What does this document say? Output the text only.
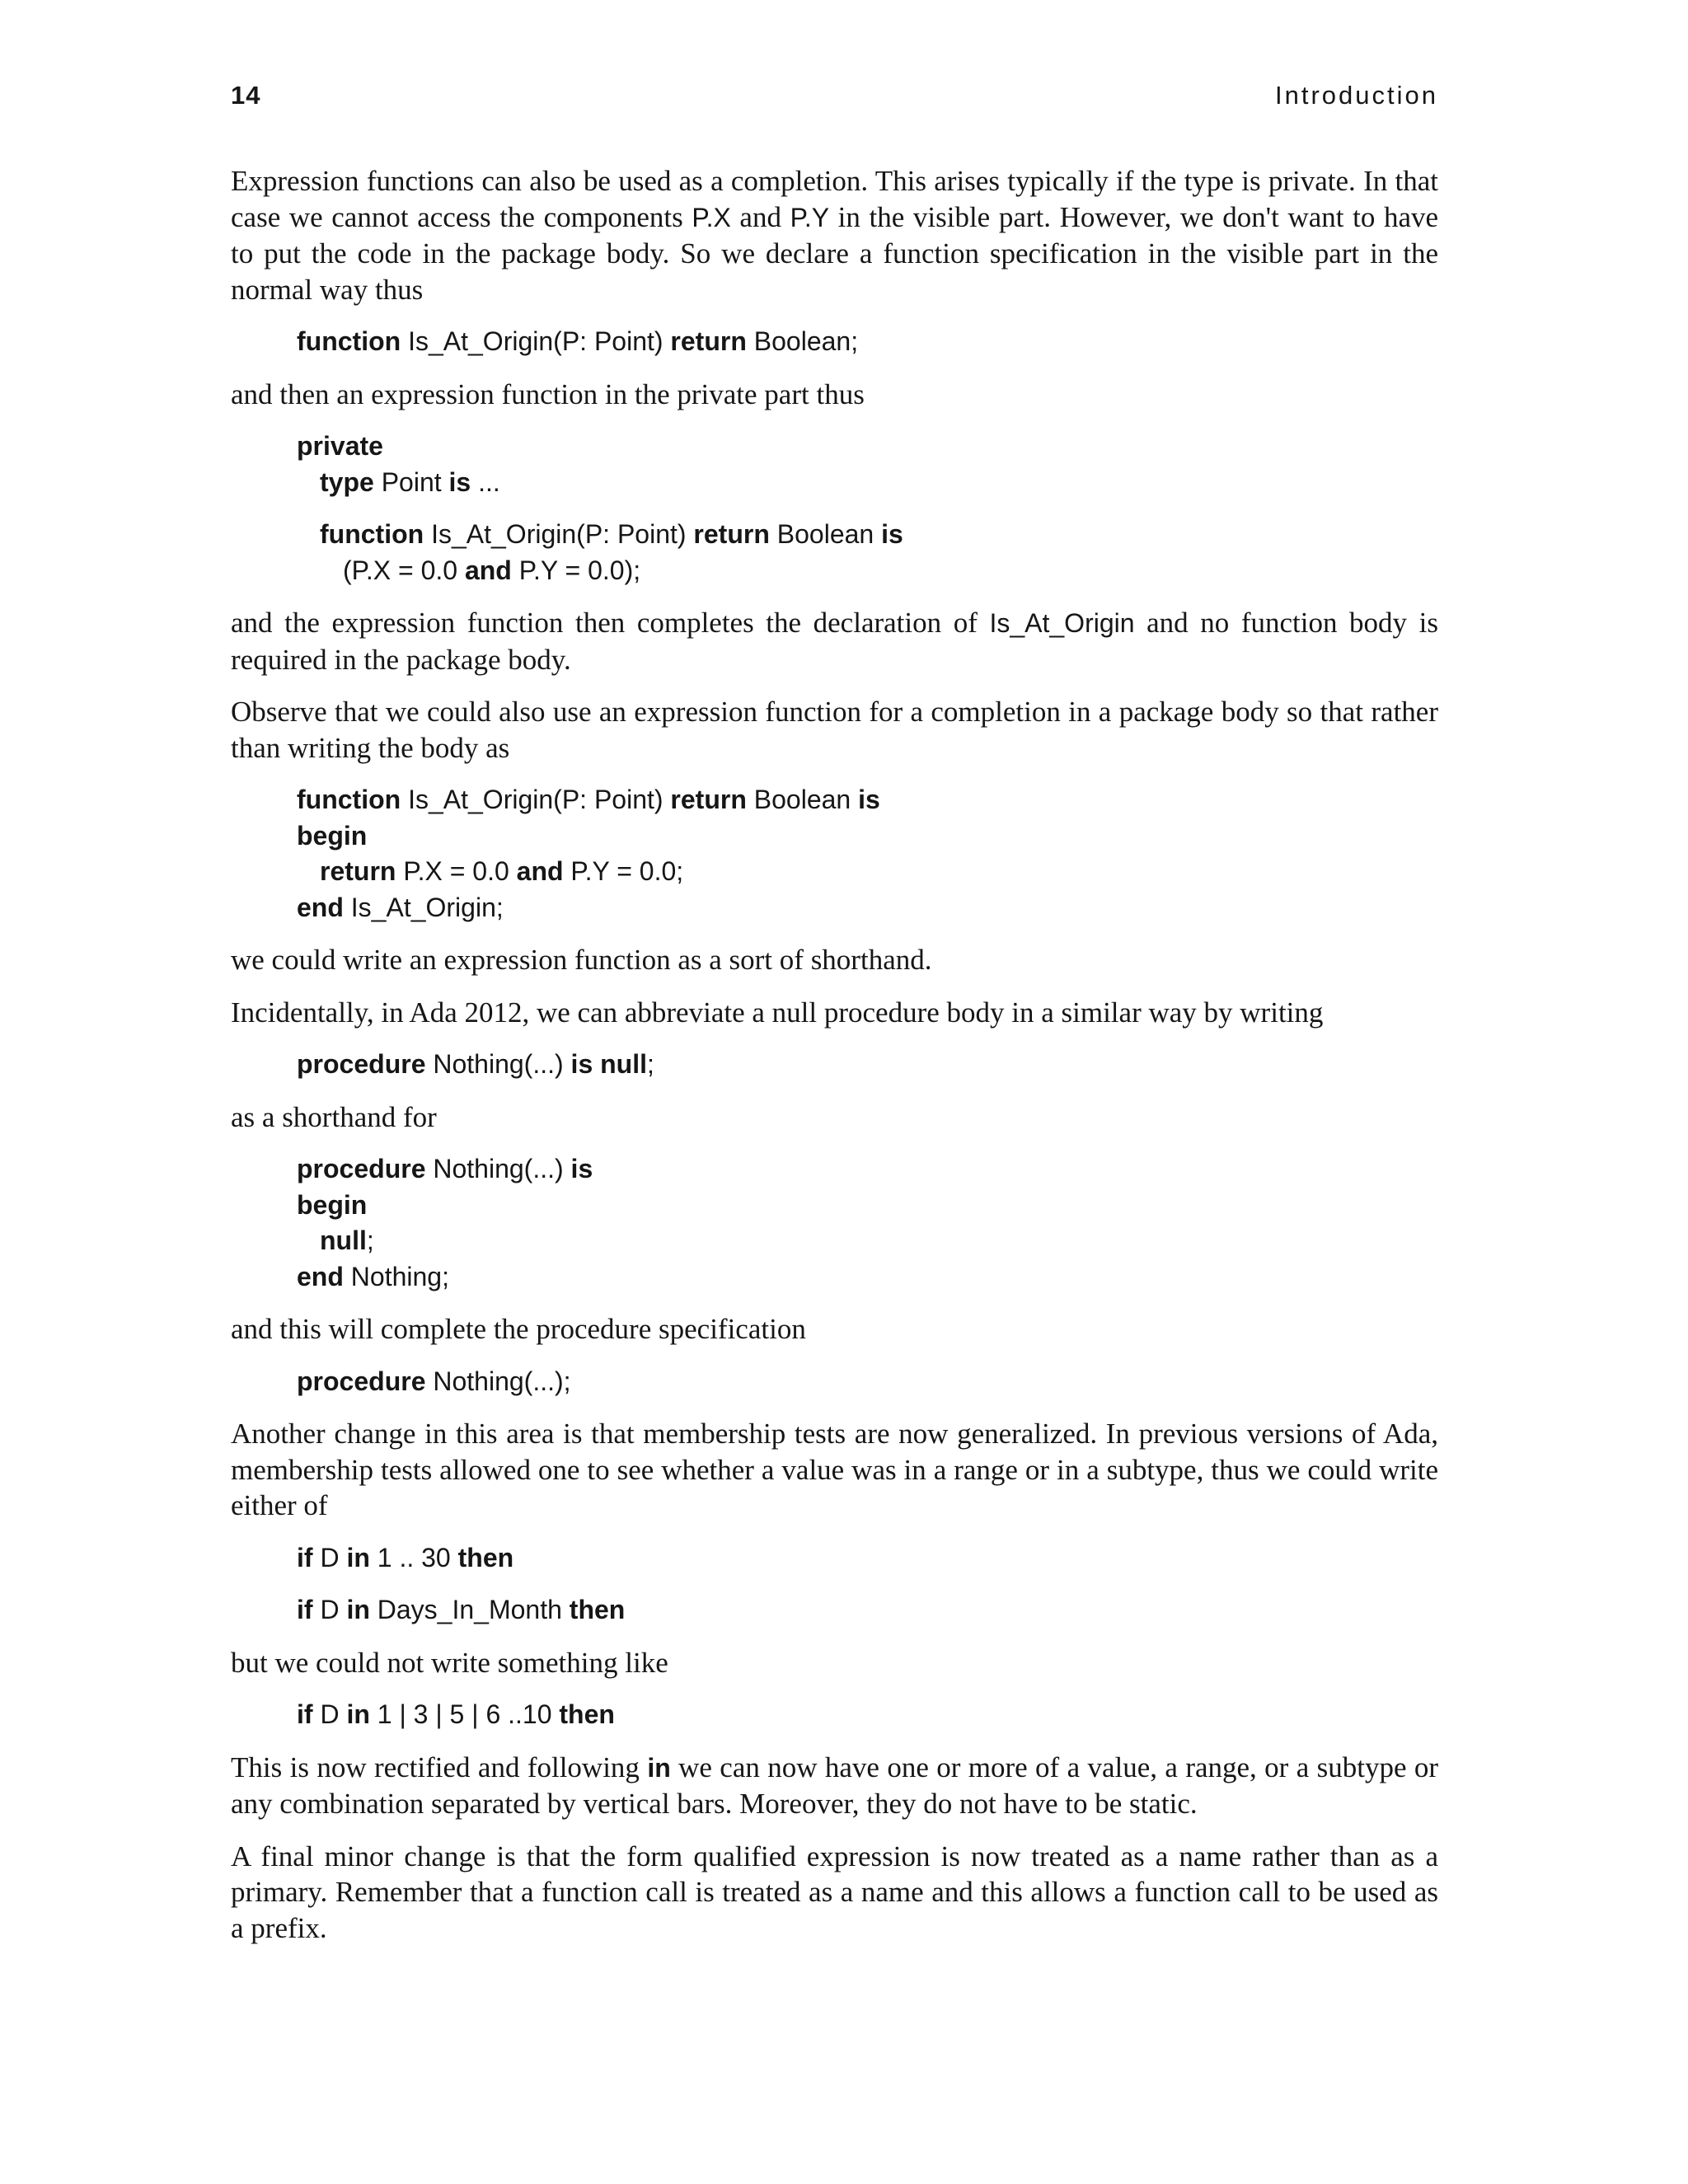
14	Introduction

Expression functions can also be used as a completion. This arises typically if the type is private. In that case we cannot access the components P.X and P.Y in the visible part. However, we don't want to have to put the code in the package body. So we declare a function specification in the visible part in the normal way thus

function Is_At_Origin(P: Point) return Boolean;

and then an expression function in the private part thus

private
type Point is ...
function Is_At_Origin(P: Point) return Boolean is
(P.X = 0.0 and P.Y = 0.0);

and the expression function then completes the declaration of Is_At_Origin and no function body is required in the package body.

Observe that we could also use an expression function for a completion in a package body so that rather than writing the body as

function Is_At_Origin(P: Point) return Boolean is
begin
return P.X = 0.0 and P.Y = 0.0;
end Is_At_Origin;

we could write an expression function as a sort of shorthand.

Incidentally, in Ada 2012, we can abbreviate a null procedure body in a similar way by writing

procedure Nothing(...) is null;

as a shorthand for

procedure Nothing(...) is
begin
null;
end Nothing;

and this will complete the procedure specification

procedure Nothing(...);

Another change in this area is that membership tests are now generalized. In previous versions of Ada, membership tests allowed one to see whether a value was in a range or in a subtype, thus we could write either of

if D in 1 .. 30 then
if D in Days_In_Month then

but we could not write something like

if D in 1 | 3 | 5 | 6 ..10 then

This is now rectified and following in we can now have one or more of a value, a range, or a subtype or any combination separated by vertical bars. Moreover, they do not have to be static.

A final minor change is that the form qualified expression is now treated as a name rather than as a primary. Remember that a function call is treated as a name and this allows a function call to be used as a prefix.
